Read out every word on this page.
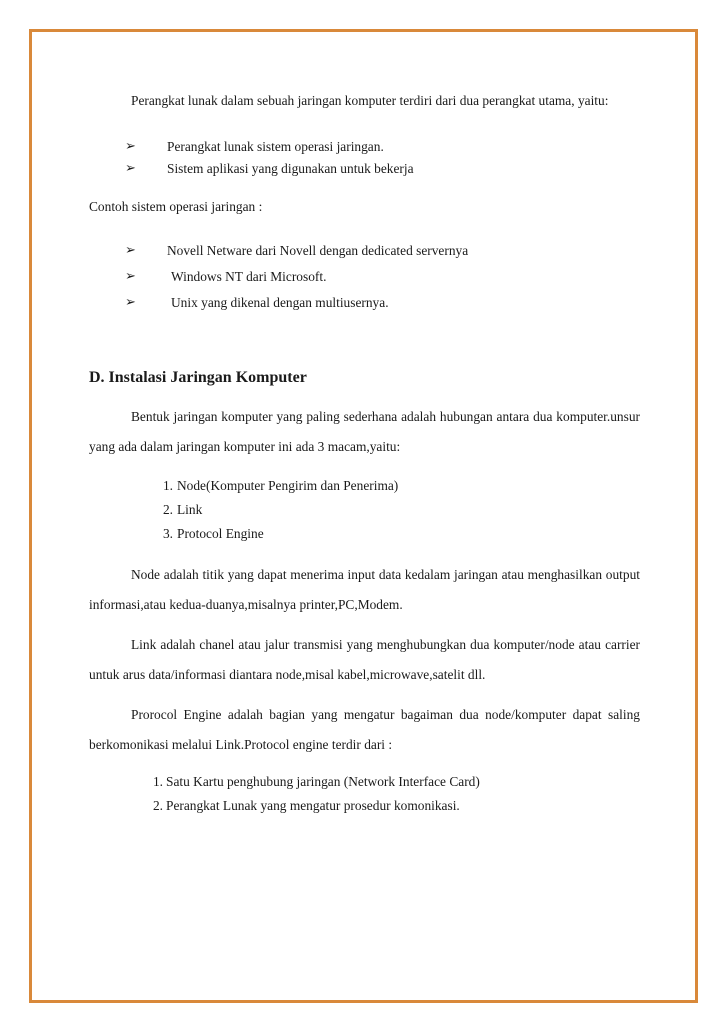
Perangkat lunak dalam sebuah jaringan komputer terdiri dari dua perangkat utama, yaitu:

➢ Perangkat lunak sistem operasi jaringan.
➢ Sistem aplikasi yang digunakan untuk bekerja

Contoh sistem operasi jaringan :

➢ Novell Netware dari Novell dengan dedicated servernya
➢	Windows NT dari Microsoft.
➢	Unix yang dikenal dengan multiusernya.
D. Instalasi Jaringan Komputer

Bentuk jaringan komputer yang paling sederhana adalah hubungan antara dua komputer.unsur yang ada dalam jaringan komputer ini ada 3 macam,yaitu:

1. Node(Komputer Pengirim dan Penerima)
2. Link
3. Protocol Engine

Node adalah titik yang dapat menerima input data kedalam jaringan atau menghasilkan output informasi,atau kedua-duanya,misalnya printer,PC,Modem.

Link adalah chanel atau jalur transmisi yang menghubungkan dua komputer/node atau carrier untuk arus data/informasi diantara node,misal kabel,microwave,satelit dll.

Prorocol Engine adalah bagian yang mengatur bagaiman dua node/komputer dapat saling berkomonikasi melalui Link.Protocol engine terdir dari :

1. Satu Kartu penghubung jaringan (Network Interface Card)
2. Perangkat Lunak yang mengatur prosedur komonikasi.
